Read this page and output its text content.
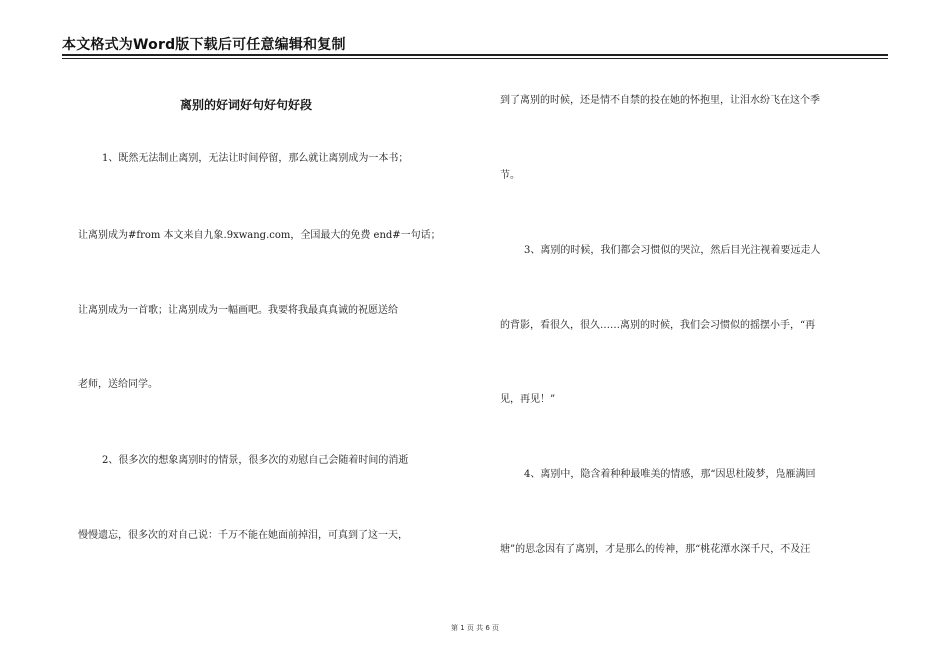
本文格式为Word版下载后可任意编辑和复制
离别的好词好句好句好段

1、既然无法制止离别，无法让时间停留，那么就让离别成为一本书；

让离别成为#from 本文来自九象.9xwang.com，全国最大的免费 end#一句话；

让离别成为一首歌；让离别成为一幅画吧。我要将我最真真诚的祝愿送给

老师，送给同学。

2、很多次的想象离别时的情景，很多次的劝慰自己会随着时间的消逝

慢慢遗忘，很多次的对自己说：千万不能在她面前掉泪，可真到了这一天，

到了离别的时候，还是情不自禁的投在她的怀抱里，让泪水纷飞在这个季

节。

3、离别的时候，我们都会习惯似的哭泣，然后目光注视着要远走人

的背影，看很久，很久……离别的时候，我们会习惯似的摇摆小手，“再

见，再见！”

4、离别中，隐含着种种最唯美的情感，那“因思杜陵梦，凫雁满回

塘”的思念因有了离别，才是那么的传神，那“桃花潭水深千尺，不及汪

第 1 页 共 6 页
